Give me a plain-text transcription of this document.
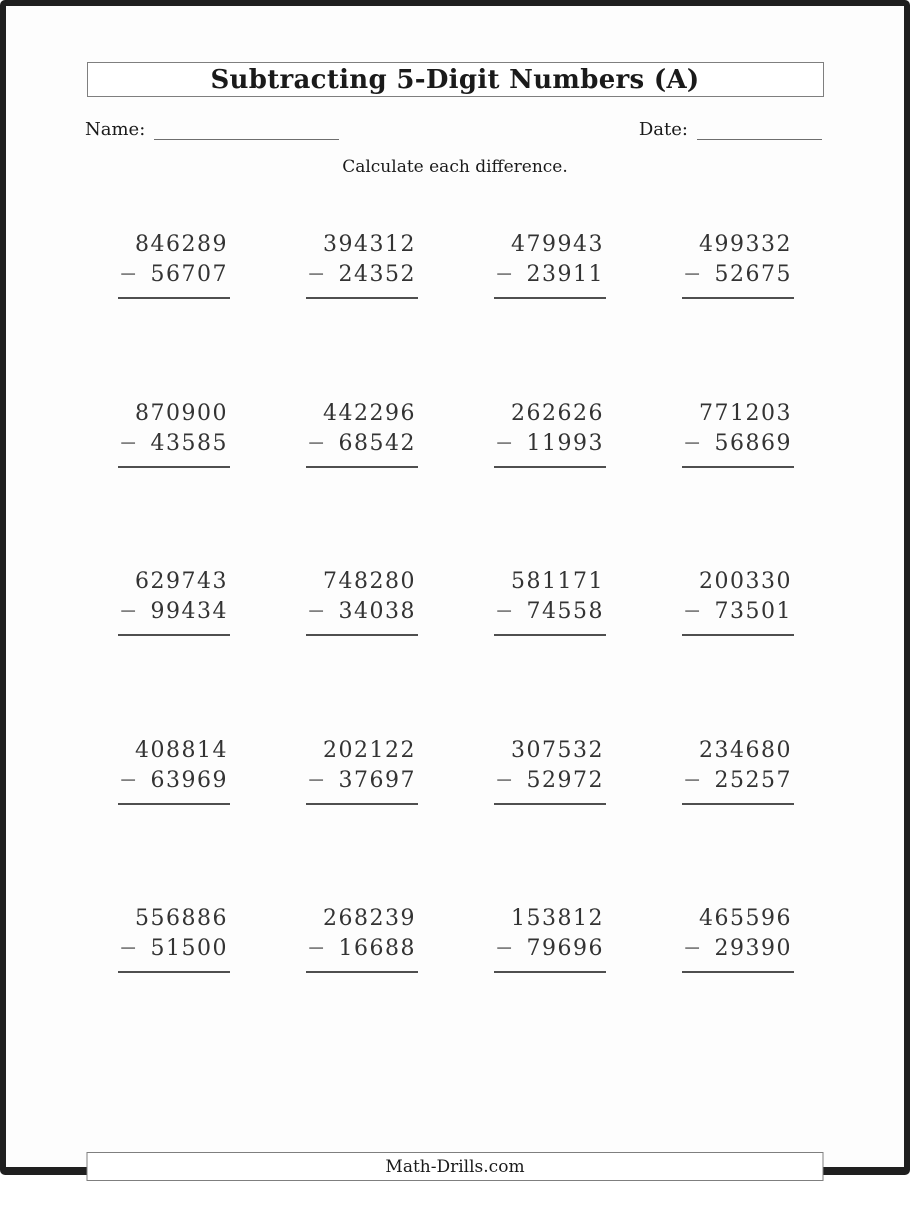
Subtracting 5-Digit Numbers (A)
Name:	Date:
Calculate each difference.
846289
− 56707
394312
− 24352
479943
− 23911
499332
− 52675
870900
− 43585
442296
− 68542
262626
− 11993
771203
− 56869
629743
− 99434
748280
− 34038
581171
− 74558
200330
− 73501
408814
− 63969
202122
− 37697
307532
− 52972
234680
− 25257
556886
− 51500
268239
− 16688
153812
− 79696
465596
− 29390
Math-Drills.com
